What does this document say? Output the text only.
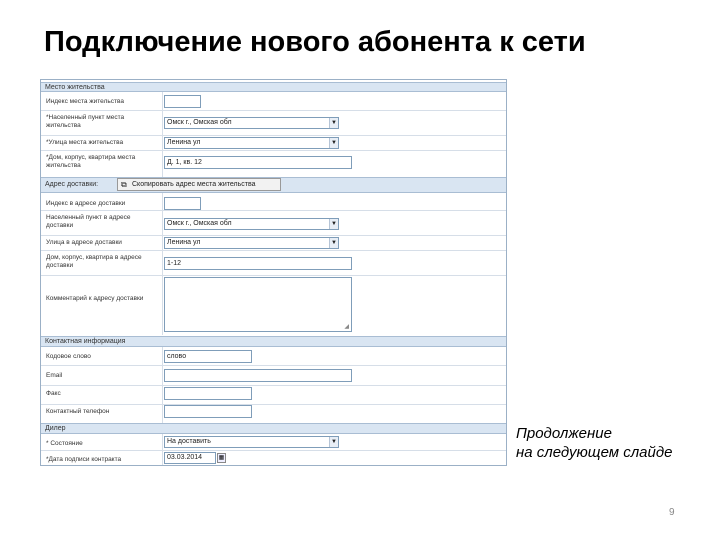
Подключение нового абонента к сети
Место жительства
Индекс места жительства
*Населенный пункт места жительства	Омск г., Омская обл	▼
*Улица места жительства	Ленина ул	▼
*Дом, корпус, квартира места жительства	Д. 1, кв. 12
Адрес доставки:	⧉ Скопировать адрес места жительства
Индекс в адресе доставки
Населенный пункт в адресе доставки	Омск г., Омская обл	▼
Улица в адресе доставки	Ленина ул	▼
Дом, корпус, квартира в адресе доставки	1-12
Комментарий к адресу доставки
◢
Контактная информация
Кодовое слово	слово
Email
Факс
Контактный телефон
Дилер
* Состояние	На доставить	▼
*Дата подписи контракта	03.03.2014	▦
Продолжение
на следующем слайде
9
